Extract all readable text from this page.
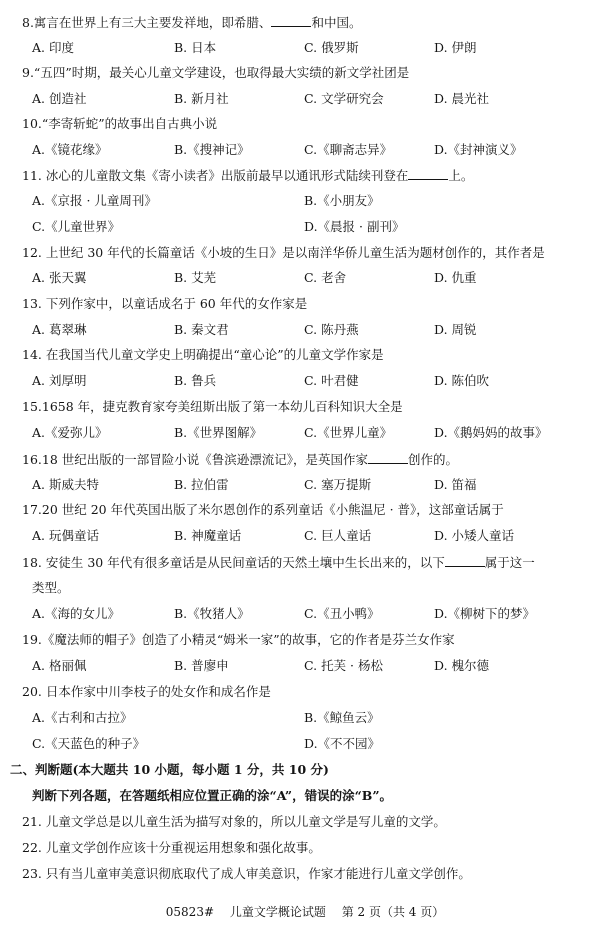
8.寓言在世界上有三大主要发祥地，即希腊、	和中国。
A. 印度	B. 日本	C. 俄罗斯	D. 伊朗
9.“五四”时期，最关心儿童文学建设，也取得最大实绩的新文学社团是
A. 创造社	B. 新月社	C. 文学研究会	D. 晨光社
10.“李寄斩蛇”的故事出自古典小说
A.《镜花缘》	B.《搜神记》	C.《聊斋志异》	D.《封神演义》
11. 冰心的儿童散文集《寄小读者》出版前最早以通讯形式陆续刊登在	上。
A.《京报 · 儿童周刊》	B.《小朋友》
C.《儿童世界》	D.《晨报 · 副刊》
12. 上世纪 30 年代的长篇童话《小坡的生日》是以南洋华侨儿童生活为题材创作的，其作者是
A. 张天翼	B. 艾芜	C. 老舍	D. 仇重
13. 下列作家中，以童话成名于 60 年代的女作家是
A. 葛翠琳	B. 秦文君	C. 陈丹燕	D. 周锐
14. 在我国当代儿童文学史上明确提出“童心论”的儿童文学作家是
A. 刘厚明	B. 鲁兵	C. 叶君健	D. 陈伯吹
15.1658 年，捷克教育家夸美纽斯出版了第一本幼儿百科知识大全是
A.《爱弥儿》	B.《世界图解》	C.《世界儿童》	D.《鹅妈妈的故事》
16.18 世纪出版的一部冒险小说《鲁滨逊漂流记》，是英国作家	创作的。
A. 斯威夫特	B. 拉伯雷	C. 塞万提斯	D. 笛福
17.20 世纪 20 年代英国出版了米尔恩创作的系列童话《小熊温尼 · 普》，这部童话属于
A. 玩偶童话	B. 神魔童话	C. 巨人童话	D. 小矮人童话
18. 安徒生 30 年代有很多童话是从民间童话的天然土壤中生长出来的，以下	属于这一
类型。
A.《海的女儿》	B.《牧猪人》	C.《丑小鸭》	D.《柳树下的梦》
19.《魔法师的帽子》创造了小精灵“姆米一家”的故事，它的作者是芬兰女作家
A. 格丽佩	B. 普廖申	C. 托芙 · 杨松	D. 槐尔德
20. 日本作家中川李枝子的处女作和成名作是
A.《古利和古拉》	B.《鲸鱼云》
C.《天蓝色的种子》	D.《不不园》
二、判断题(本大题共 10 小题，每小题 1 分，共 10 分)
判断下列各题，在答题纸相应位置正确的涂“A”，错误的涂“B”。
21. 儿童文学总是以儿童生活为描写对象的，所以儿童文学是写儿童的文学。
22. 儿童文学创作应该十分重视运用想象和强化故事。
23. 只有当儿童审美意识彻底取代了成人审美意识，作家才能进行儿童文学创作。
05823# 儿童文学概论试题 第 2 页（共 4 页）
